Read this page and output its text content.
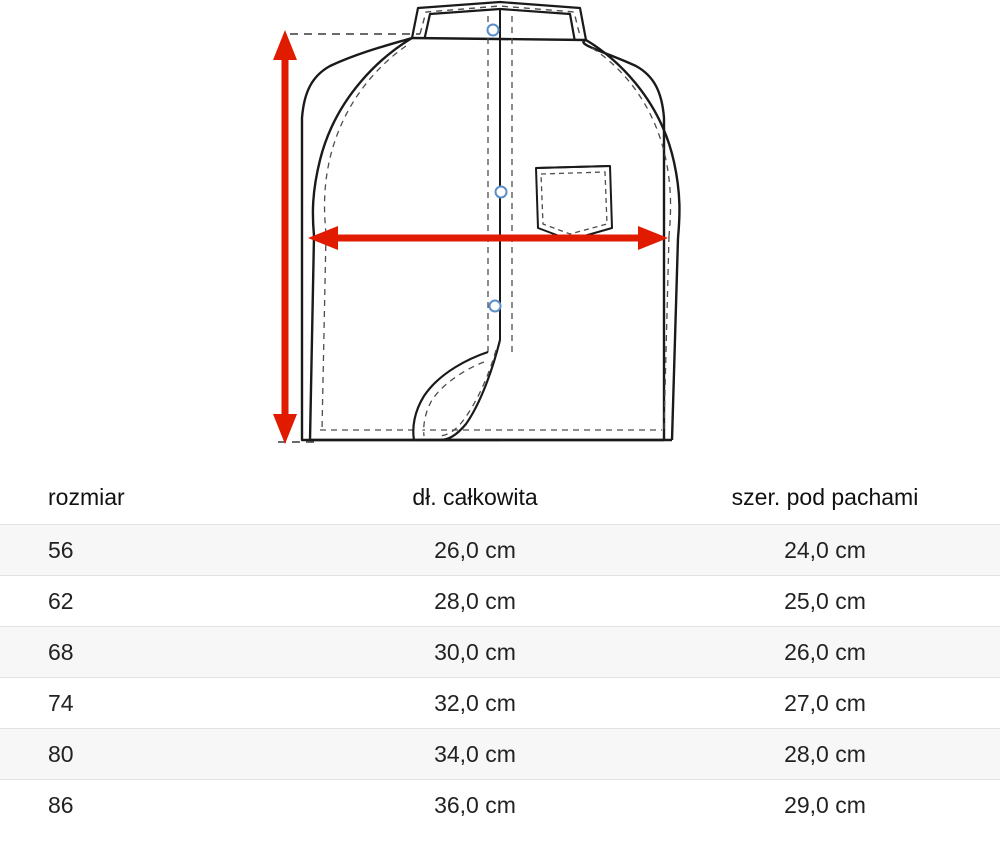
rozmiar	dł. całkowita	szer. pod pachami
56	26,0 cm	24,0 cm
62	28,0 cm	25,0 cm
68	30,0 cm	26,0 cm
74	32,0 cm	27,0 cm
80	34,0 cm	28,0 cm
86	36,0 cm	29,0 cm
